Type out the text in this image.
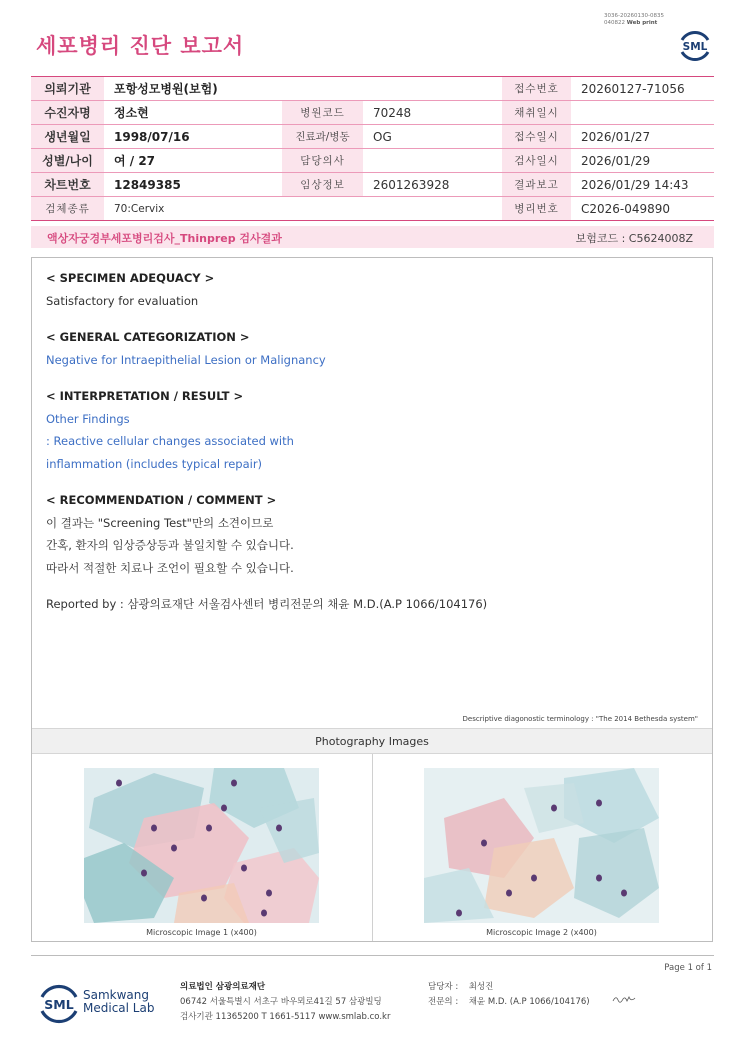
3036-20260130-0835
040822 Web print
세포병리 진단 보고서	SML
의뢰기관	포항성모병원(보험)			접수번호	20260127-71056
수진자명	정소현	병원코드	70248	채취일시	
생년월일	1998/07/16	진료과/병동	OG	접수일시	2026/01/27
성별/나이	여 / 27	담당의사		검사일시	2026/01/29
차트번호	12849385	임상정보	2601263928	결과보고	2026/01/29 14:43
검체종류	70:Cervix			병리번호	C2026-049890
액상자궁경부세포병리검사_Thinprep 검사결과	보험코드 : C5624008Z
< SPECIMEN ADEQUACY >
Satisfactory for evaluation
< GENERAL CATEGORIZATION >
Negative for Intraepithelial Lesion or Malignancy
< INTERPRETATION / RESULT >
Other Findings
: Reactive cellular changes associated with
inflammation (includes typical repair)
< RECOMMENDATION / COMMENT >
이 결과는 "Screening Test"만의 소견이므로
간혹, 환자의 임상증상등과 불일치할 수 있습니다.
따라서 적절한 치료나 조언이 필요할 수 있습니다.
Reported by : 삼광의료재단 서울검사센터 병리전문의 채윤 M.D.(A.P 1066/104176)
Descriptive diagonostic terminology : "The 2014 Bethesda system"
Photography Images
Microscopic Image 1 (x400)	Microscopic Image 2 (x400)
Page 1 of 1
SML
Samkwang
Medical Lab
의료법인 삼광의료재단
06742 서울특별시 서초구 바우뫼로41길 57 삼광빌딩
검사기관 11365200 T 1661-5117 www.smlab.co.kr
담당자 : 최성진
전문의 : 채윤 M.D. (A.P 1066/104176)
